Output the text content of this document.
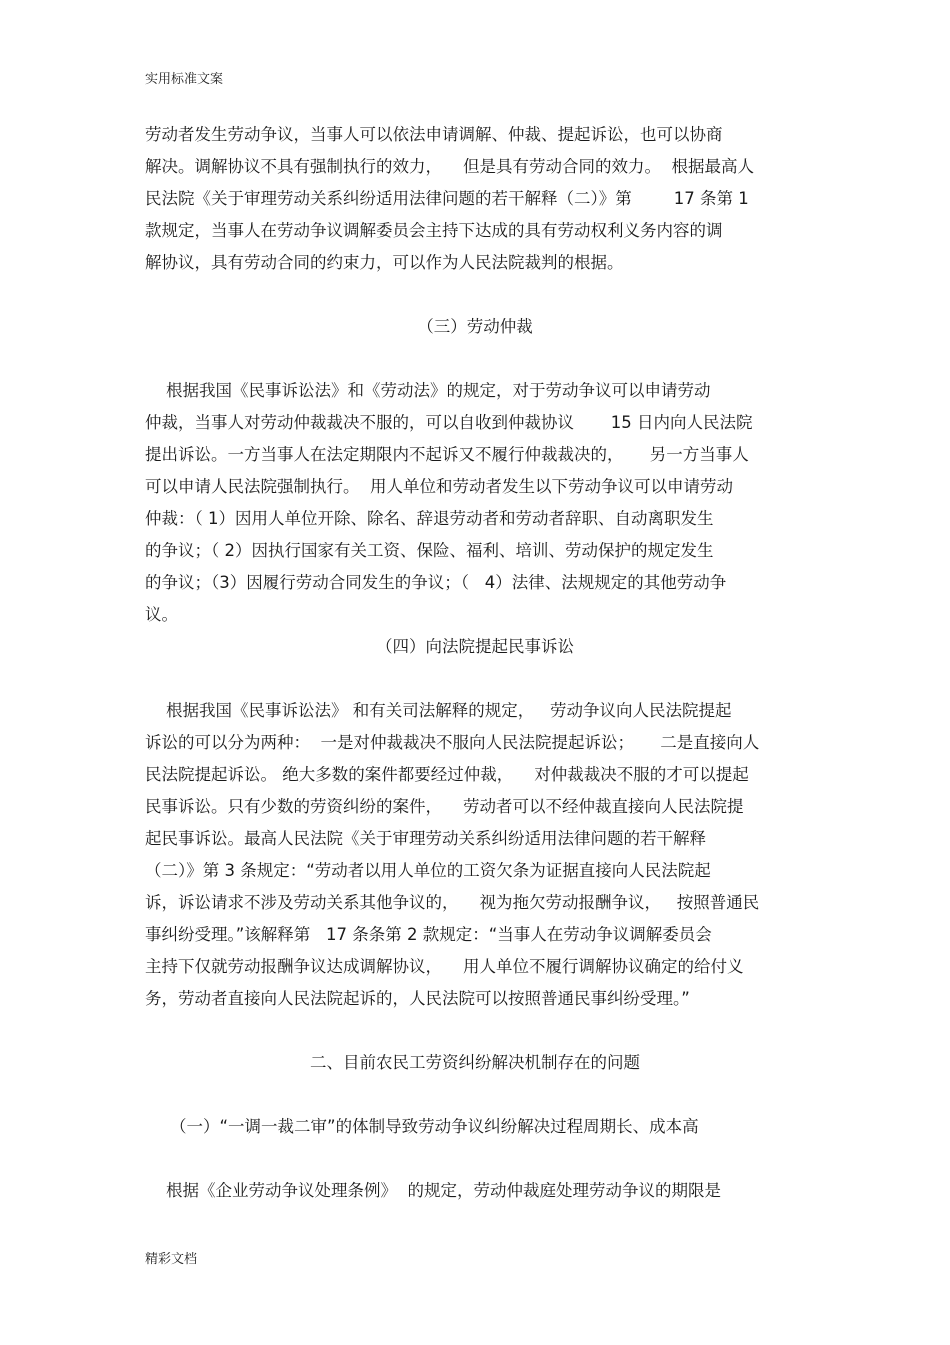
实用标准文案
劳动者发生劳动争议，当事人可以依法申请调解、仲裁、提起诉讼，也可以协商
解决。调解协议不具有强制执行的效力，    但是具有劳动合同的效力。  根据最高人
民法院《关于审理劳动关系纠纷适用法律问题的若干解释（二）》第        17 条第 1
款规定，当事人在劳动争议调解委员会主持下达成的具有劳动权利义务内容的调
解协议，具有劳动合同的约束力，可以作为人民法院裁判的根据。
（三）劳动仲裁
根据我国《民事诉讼法》和《劳动法》的规定，对于劳动争议可以申请劳动
仲裁，当事人对劳动仲裁裁决不服的，可以自收到仲裁协议       15 日内向人民法院
提出诉讼。一方当事人在法定期限内不起诉又不履行仲裁裁决的，     另一方当事人
可以申请人民法院强制执行。  用人单位和劳动者发生以下劳动争议可以申请劳动
仲裁：（ 1）因用人单位开除、除名、辞退劳动者和劳动者辞职、自动离职发生
的争议；（ 2）因执行国家有关工资、保险、福利、培训、劳动保护的规定发生
的争议；（3）因履行劳动合同发生的争议；（   4）法律、法规规定的其他劳动争
议。
（四）向法院提起民事诉讼
根据我国《民事诉讼法》 和有关司法解释的规定，   劳动争议向人民法院提起
诉讼的可以分为两种：  一是对仲裁裁决不服向人民法院提起诉讼；     二是直接向人
民法院提起诉讼。 绝大多数的案件都要经过仲裁，    对仲裁裁决不服的才可以提起
民事诉讼。只有少数的劳资纠纷的案件，    劳动者可以不经仲裁直接向人民法院提
起民事诉讼。最高人民法院《关于审理劳动关系纠纷适用法律问题的若干解释
（二）》第 3 条规定：“劳动者以用人单位的工资欠条为证据直接向人民法院起
诉，诉讼请求不涉及劳动关系其他争议的，    视为拖欠劳动报酬争议，   按照普通民
事纠纷受理。”该解释第   17 条条第 2 款规定：“当事人在劳动争议调解委员会
主持下仅就劳动报酬争议达成调解协议，    用人单位不履行调解协议确定的给付义
务，劳动者直接向人民法院起诉的，人民法院可以按照普通民事纠纷受理。”
二、目前农民工劳资纠纷解决机制存在的问题
（一）“一调一裁二审”的体制导致劳动争议纠纷解决过程周期长、成本高
根据《企业劳动争议处理条例》  的规定，劳动仲裁庭处理劳动争议的期限是
精彩文档
